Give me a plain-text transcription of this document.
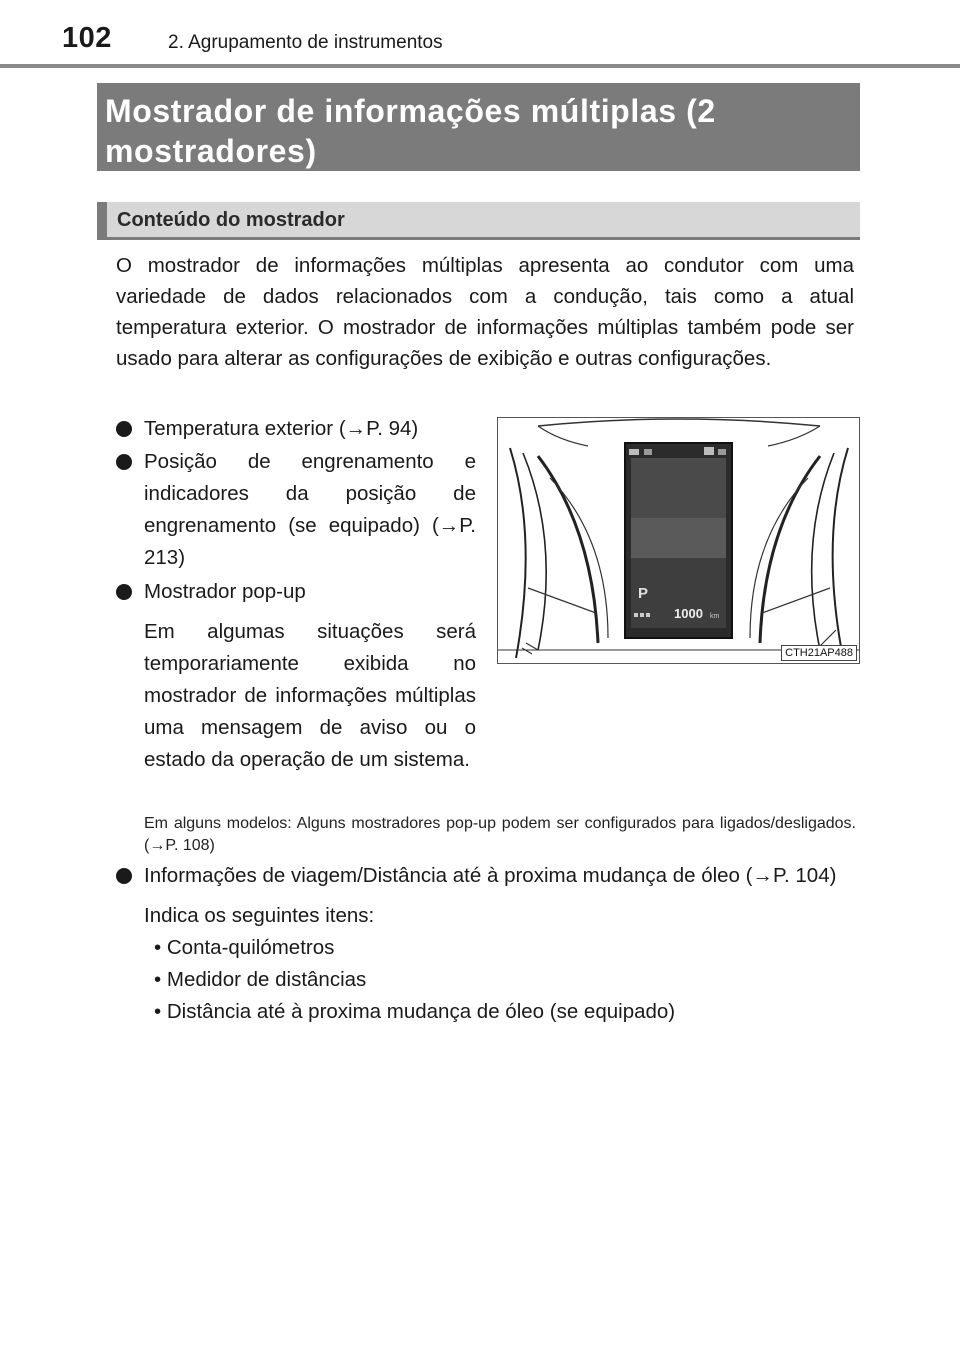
102	2. Agrupamento de instrumentos
Mostrador de informações múltiplas (2 mostradores)
Conteúdo do mostrador
O mostrador de informações múltiplas apresenta ao condutor com uma variedade de dados relacionados com a condução, tais como a atual temperatura exterior. O mostrador de informações múltiplas também pode ser usado para alterar as configurações de exibição e outras configurações.
Temperatura exterior (→P. 94)
Posição de engrenamento e indicadores da posição de engrenamento (se equipado) (→P. 213)
Mostrador pop-up
Em algumas situações será temporariamente exibida no mostrador de informações múltiplas uma mensagem de aviso ou o estado da operação de um sistema.
Em alguns modelos: Alguns mostradores pop-up podem ser configurados para ligados/desligados. (→P. 108)
Informações de viagem/Distância até à proxima mudança de óleo (→P. 104)
Indica os seguintes itens:
• Conta-quilómetros
• Medidor de distâncias
• Distância até à proxima mudança de óleo (se equipado)
P
1000 km
CTH21AP488
